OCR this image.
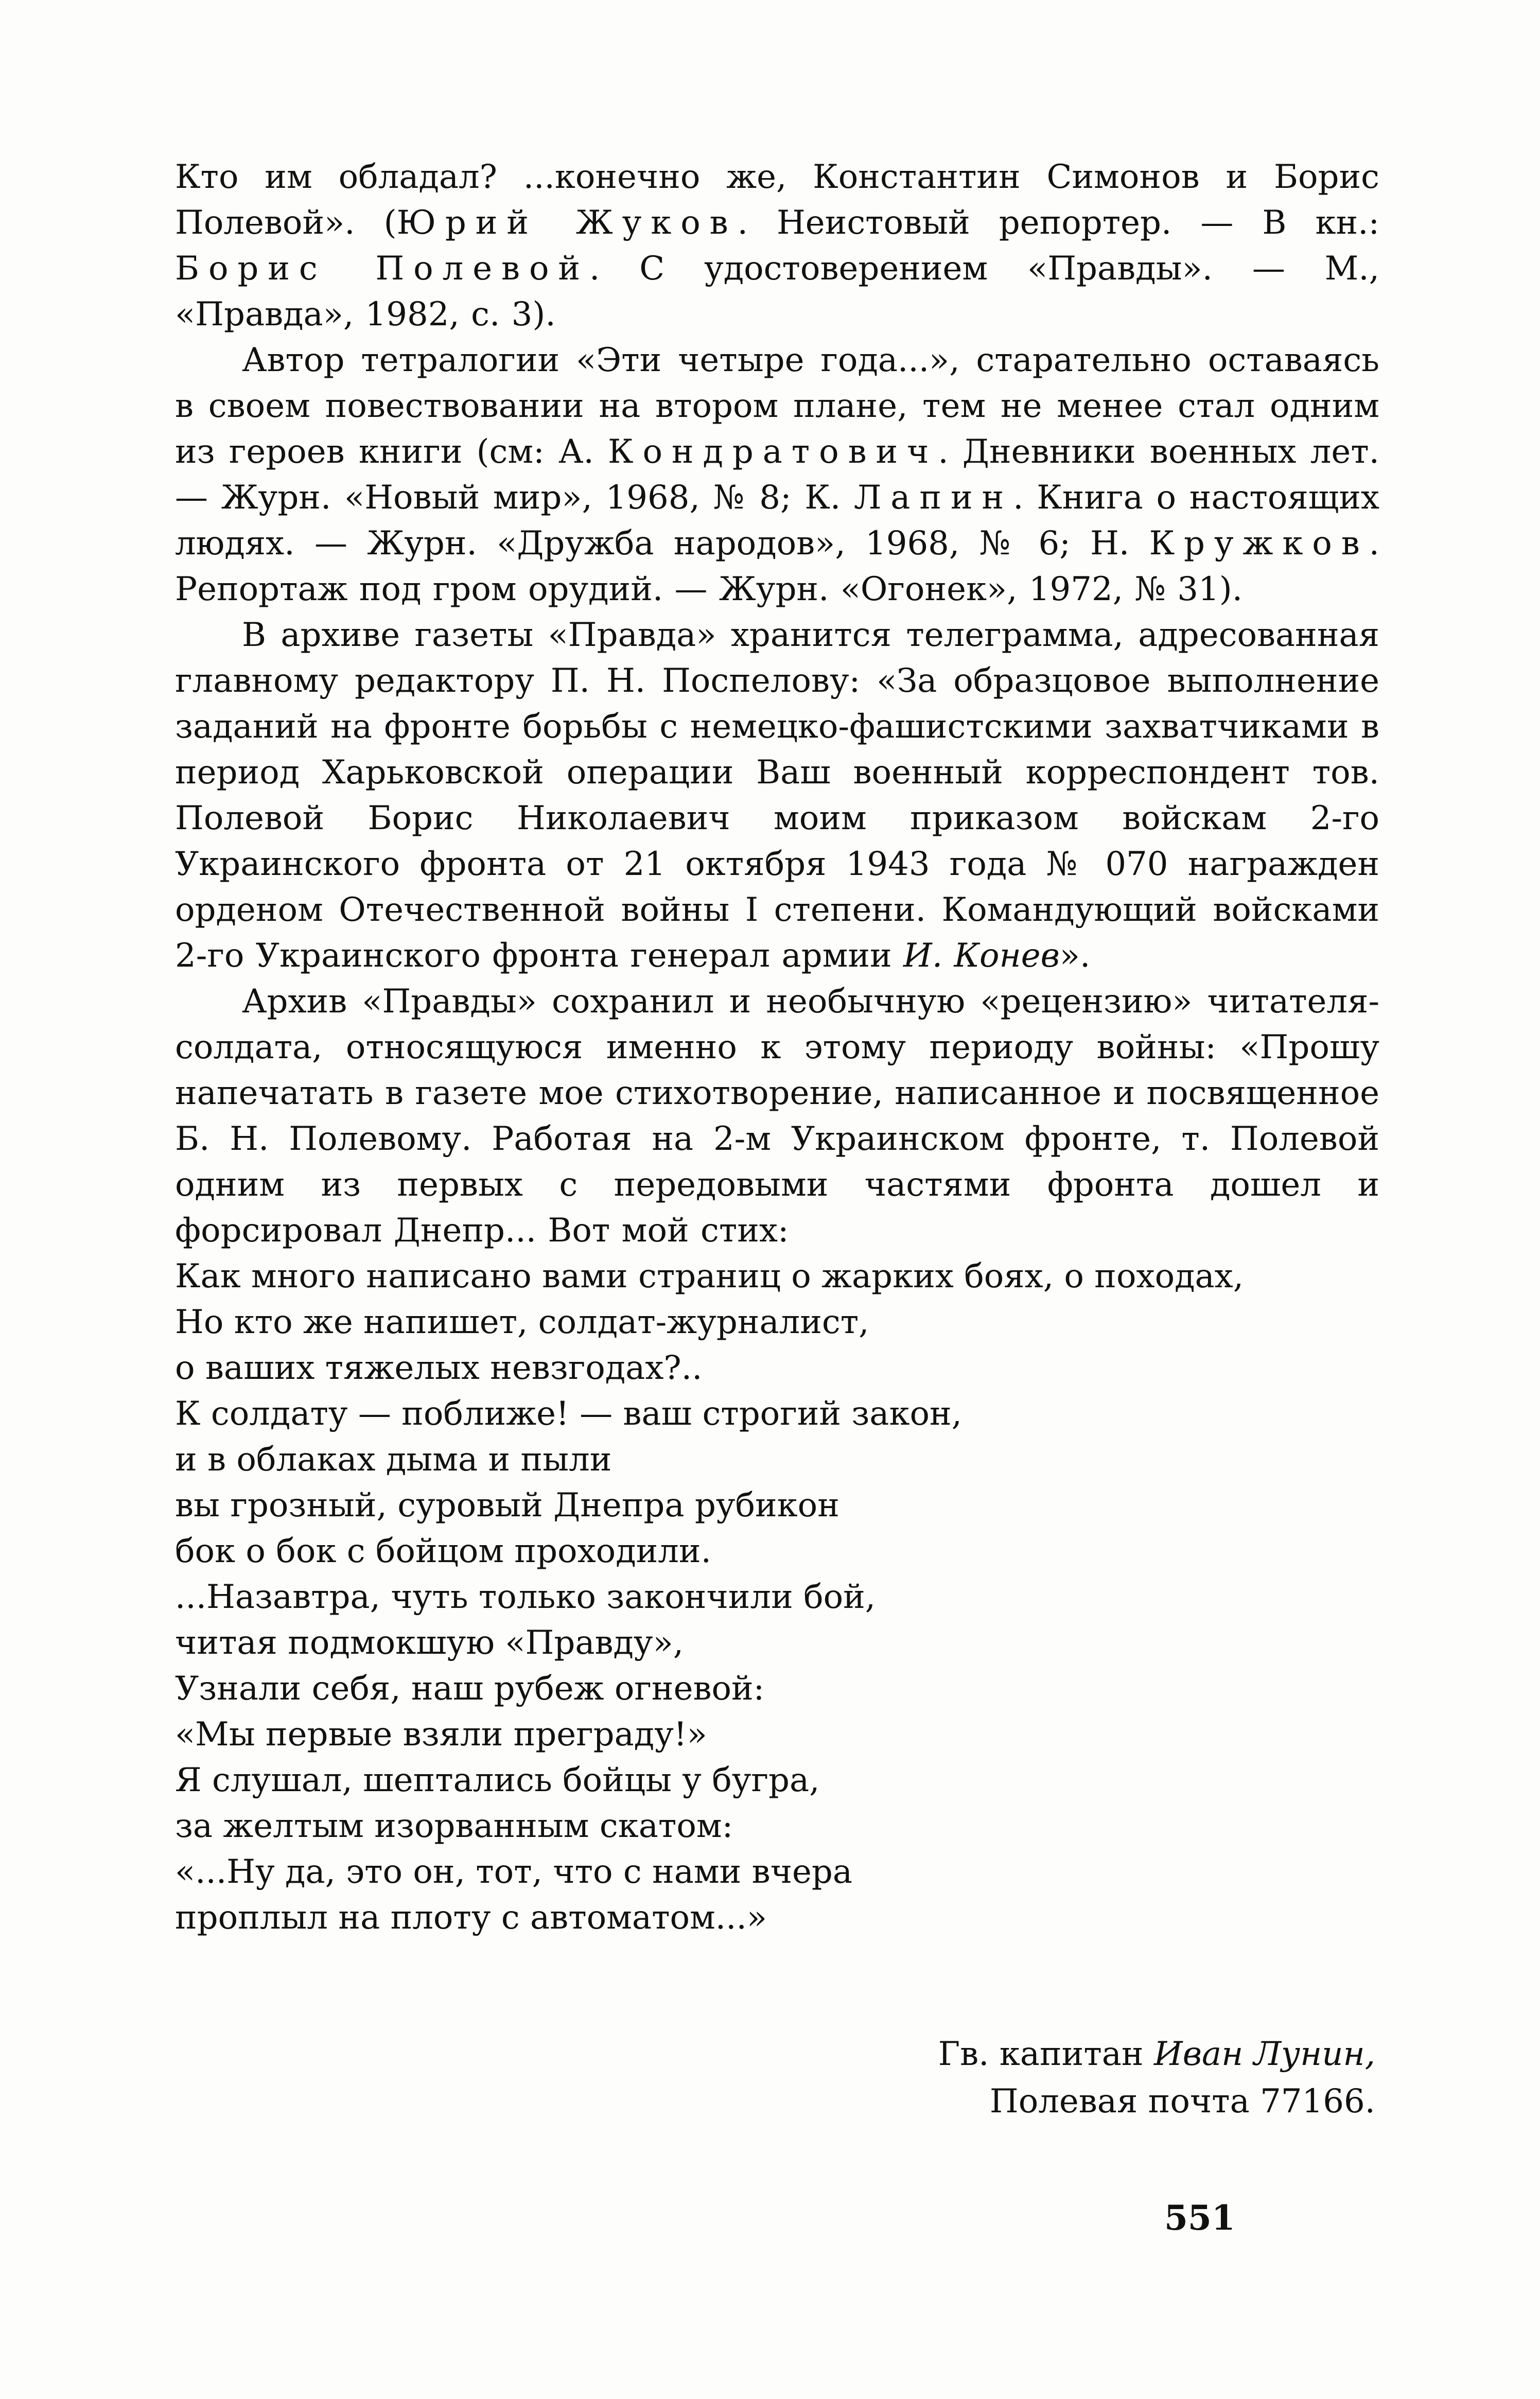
Кто им обладал? ...конечно же, Константин Симонов и Борис Полевой». (Юрий Жуков. Неистовый репортер. — В кн.: Борис Полевой. С удостоверением «Правды». — М., «Правда», 1982, с. 3).

Автор тетралогии «Эти четыре года...», старательно оставаясь в своем повествовании на втором плане, тем не менее стал одним из героев книги (см: А. Кондратович. Дневники военных лет. — Журн. «Новый мир», 1968, № 8; К. Лапин. Книга о настоящих людях. — Журн. «Дружба народов», 1968, № 6; Н. Кружков. Репортаж под гром орудий. — Журн. «Огонек», 1972, № 31).

В архиве газеты «Правда» хранится телеграмма, адресованная главному редактору П. Н. Поспелову: «За образцовое выполнение заданий на фронте борьбы с немецко-фашистскими захватчиками в период Харьковской операции Ваш военный корреспондент тов. Полевой Борис Николаевич моим приказом войскам 2-го Украинского фронта от 21 октября 1943 года № 070 награжден орденом Отечественной войны I степени. Командующий войсками 2-го Украинского фронта генерал армии И. Конев».

Архив «Правды» сохранил и необычную «рецензию» читателя-солдата, относящуюся именно к этому периоду войны: «Прошу напечатать в газете мое стихотворение, написанное и посвященное Б. Н. Полевому. Работая на 2-м Украинском фронте, т. Полевой одним из первых с передовыми частями фронта дошел и форсировал Днепр... Вот мой стих:

Как много написано вами страниц о жарких боях, о походах,
Но кто же напишет, солдат-журналист,
о ваших тяжелых невзгодах?..
К солдату — поближе! — ваш строгий закон,
и в облаках дыма и пыли
вы грозный, суровый Днепра рубикон
бок о бок с бойцом проходили.
...Назавтра, чуть только закончили бой,
читая подмокшую «Правду»,
Узнали себя, наш рубеж огневой:
«Мы первые взяли преграду!»
Я слушал, шептались бойцы у бугра,
за желтым изорванным скатом:
«...Ну да, это он, тот, что с нами вчера
проплыл на плоту с автоматом...»
Гв. капитан Иван Лунин,
Полевая почта 77166.
551
